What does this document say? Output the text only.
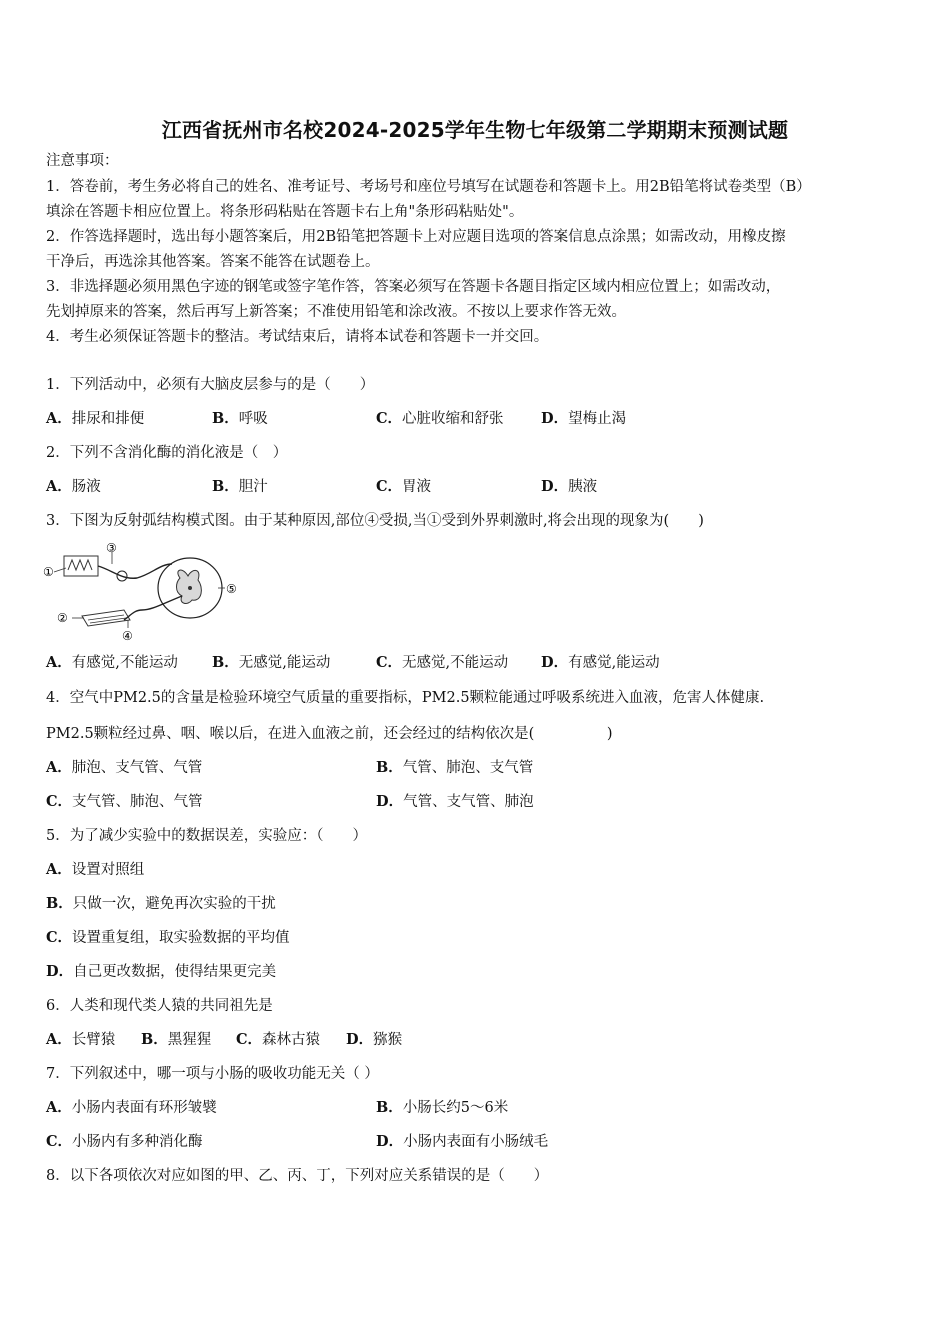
江西省抚州市名校2024-2025学年生物七年级第二学期期末预测试题
注意事项：
1．答卷前，考生务必将自己的姓名、准考证号、考场号和座位号填写在试题卷和答题卡上。用2B铅笔将试卷类型（B）
填涂在答题卡相应位置上。将条形码粘贴在答题卡右上角"条形码粘贴处"。
2．作答选择题时，选出每小题答案后，用2B铅笔把答题卡上对应题目选项的答案信息点涂黑；如需改动，用橡皮擦
干净后，再选涂其他答案。答案不能答在试题卷上。
3．非选择题必须用黑色字迹的钢笔或签字笔作答，答案必须写在答题卡各题目指定区域内相应位置上；如需改动，
先划掉原来的答案，然后再写上新答案；不准使用铅笔和涂改液。不按以上要求作答无效。
4．考生必须保证答题卡的整洁。考试结束后，请将本试卷和答题卡一并交回。
1．下列活动中，必须有大脑皮层参与的是（　　）
A．排尿和排便	B．呼吸	C．心脏收缩和舒张	D．望梅止渴
2．下列不含消化酶的消化液是（　）
A．肠液	B．胆汁	C．胃液	D．胰液
3．下图为反射弧结构模式图。由于某种原因,部位④受损,当①受到外界刺激时,将会出现的现象为(　　)
①
②
③
④
⑤
A．有感觉,不能运动 B．无感觉,能运动	C．无感觉,不能运动 D．有感觉,能运动
4．空气中PM2.5的含量是检验环境空气质量的重要指标，PM2.5颗粒能通过呼吸系统进入血液，危害人体健康.
PM2.5颗粒经过鼻、咽、喉以后，在进入血液之前，还会经过的结构依次是(　　　　　)
A．肺泡、支气管、气管	B．气管、肺泡、支气管
C．支气管、肺泡、气管	D．气管、支气管、肺泡
5．为了减少实验中的数据误差，实验应：（　　）
A．设置对照组
B．只做一次，避免再次实验的干扰
C．设置重复组，取实验数据的平均值
D．自己更改数据，使得结果更完美
6．人类和现代类人猿的共同祖先是
A．长臂猿 B．黑猩猩 C．森林古猿 D．猕猴
7．下列叙述中，哪一项与小肠的吸收功能无关（ ）
A．小肠内表面有环形皱襞	B．小肠长约5～6米
C．小肠内有多种消化酶	D．小肠内表面有小肠绒毛
8．以下各项依次对应如图的甲、乙、丙、丁，下列对应关系错误的是（　　）
